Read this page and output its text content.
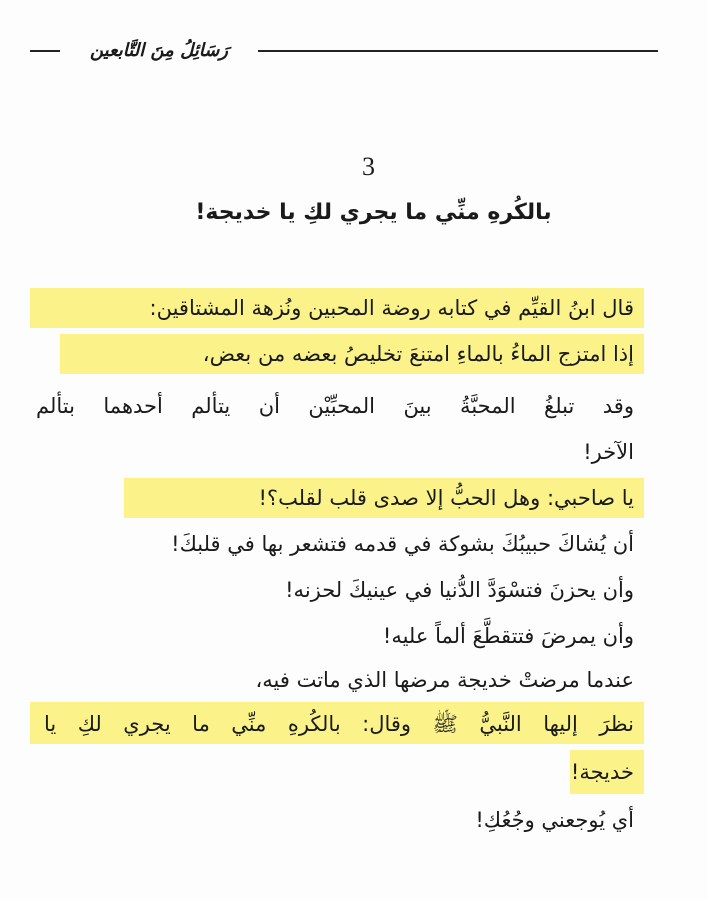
رَسَائِلُ مِنَ التَّابعين
3
بالكُرهِ منِّي ما يجري لكِ يا خديجة!
قال ابنُ القيِّم في كتابه روضة المحبين ونُزهة المشتاقين:
إذا امتزج الماءُ بالماءِ امتنعَ تخليصُ بعضه من بعض،
وقد تبلغُ المحبَّةُ بينَ المحبِّيْن أن يتألم أحدهما بتألم
الآخر!
يا صاحبي: وهل الحبُّ إلا صدى قلب لقلب؟!
أن يُشاكَ حبيبُكَ بشوكة في قدمه فتشعر بها في قلبكَ!
وأن يحزنَ فتسْوَدَّ الدُّنيا في عينيكَ لحزنه!
وأن يمرضَ فتتقطَّعَ ألماً عليه!
عندما مرضتْ خديجة مرضها الذي ماتت فيه،
نظرَ إليها النَّبيُّ ﷺ وقال: بالكُرهِ منِّي ما يجري لكِ يا
خديجة!
أي يُوجعني وجُعُكِ!
